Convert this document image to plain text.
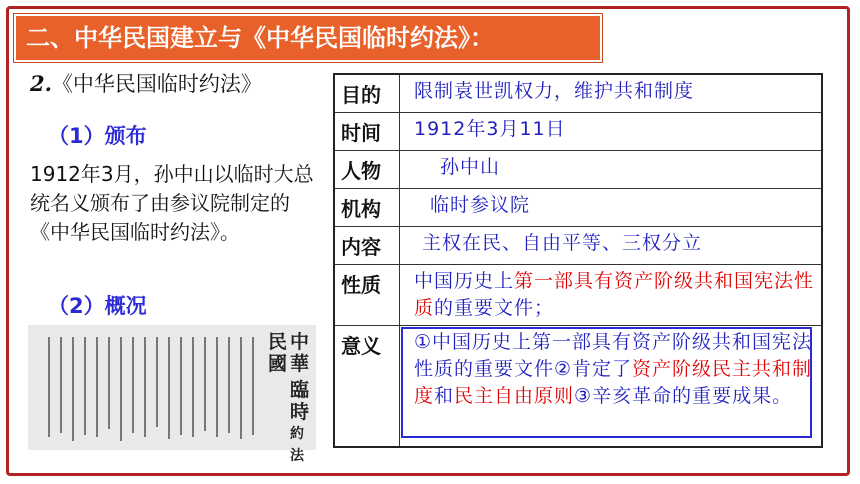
二、中华民国建立与《中华民国临时约法》：
2.《中华民国临时约法》
（1）颁布
1912年3月，孙中山以临时大总统名义颁布了由参议院制定的《中华民国临时约法》。
（2）概况
中華
民國
臨時
約法
目的	限制袁世凯权力，维护共和制度
时间	1912年3月11日
人物	孙中山
机构	临时参议院
内容	主权在民、自由平等、三权分立
性质	中国历史上第一部具有资产阶级共和国宪法性质的重要文件；
意义	①中国历史上第一部具有资产阶级共和国宪法性质的重要文件②肯定了资产阶级民主共和制度和民主自由原则③辛亥革命的重要成果。
